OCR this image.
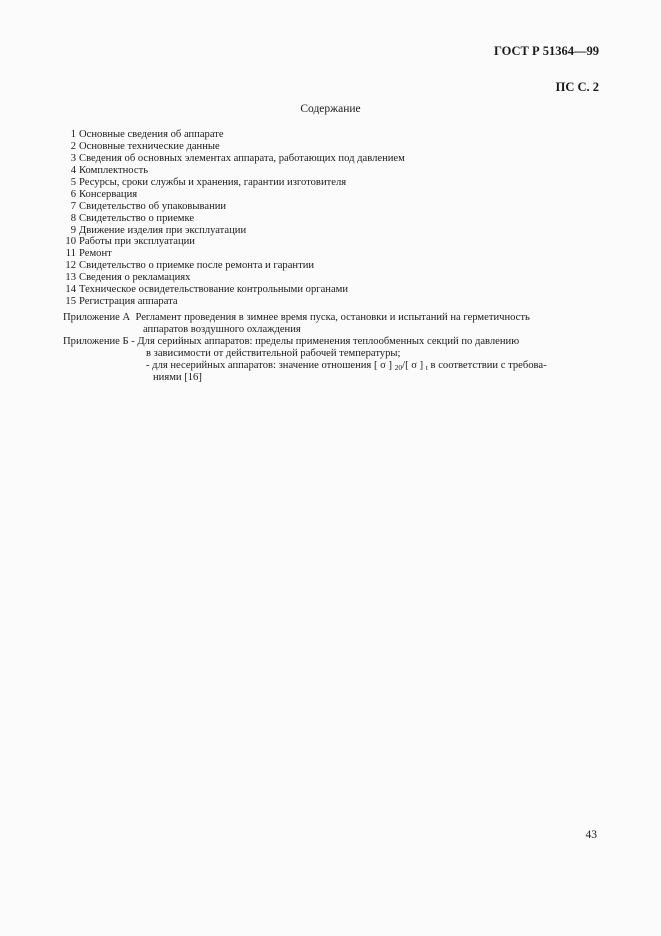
ГОСТ Р 51364—99
ПС С. 2
Содержание
1 Основные сведения об аппарате
2 Основные технические данные
3 Сведения об основных элементах аппарата, работающих под давлением
4 Комплектность
5 Ресурсы, сроки службы и хранения, гарантии изготовителя
6 Консервация
7 Свидетельство об упаковывании
8 Свидетельство о приемке
9 Движение изделия при эксплуатации
10 Работы при эксплуатации
11 Ремонт
12 Свидетельство о приемке после ремонта и гарантии
13 Сведения о рекламациях
14 Техническое освидетельствование контрольными органами
15 Регистрация аппарата
Приложение А Регламент проведения в зимнее время пуска, остановки и испытаний на герметичность
аппаратов воздушного охлаждения
Приложение Б - Для серийных аппаратов: пределы применения теплообменных секций по давлению
в зависимости от действительной рабочей температуры;
- для несерийных аппаратов: значение отношения [ σ ] $_{20}$/[ σ ] $_t$ в соответствии с требова-
ниями [16]
43
